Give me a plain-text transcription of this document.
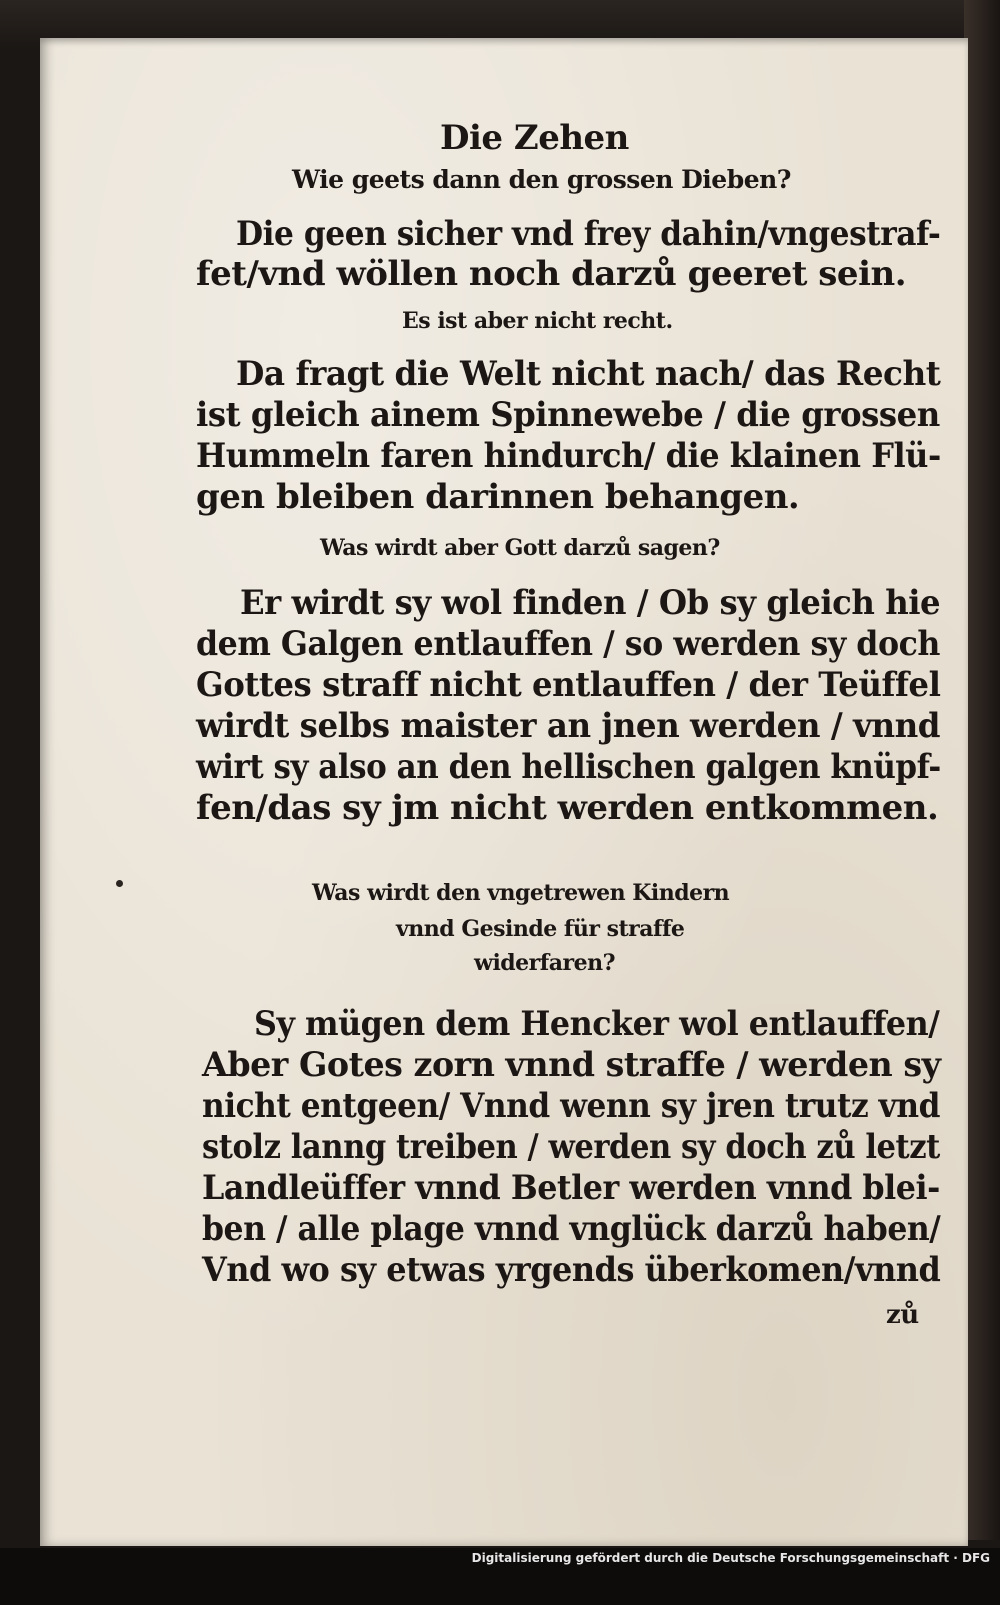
Die Zehen
Wie geets dann den grossen Dieben?
Die geen sicher vnd frey dahin/vngestraf-
fet/vnd wöllen noch darzů geeret sein.
Es ist aber nicht recht.
Da fragt die Welt nicht nach/ das Recht
ist gleich ainem Spinnewebe / die grossen
Hummeln faren hindurch/ die klainen Flü-
gen bleiben darinnen behangen.
Was wirdt aber Gott darzů sagen?
Er wirdt sy wol finden / Ob sy gleich hie
dem Galgen entlauffen / so werden sy doch
Gottes straff nicht entlauffen / der Teüffel
wirdt selbs maister an jnen werden / vnnd
wirt sy also an den hellischen galgen knüpf-
fen/das sy jm nicht werden entkommen.
Was wirdt den vngetrewen Kindern
vnnd Gesinde für straffe
widerfaren?
Sy mügen dem Hencker wol entlauffen/
Aber Gotes zorn vnnd straffe / werden sy
nicht entgeen/ Vnnd wenn sy jren trutz vnd
stolz lanng treiben / werden sy doch zů letzt
Landleüffer vnnd Betler werden vnnd blei-
ben / alle plage vnnd vnglück darzů haben/
Vnd wo sy etwas yrgends überkomen/vnnd
zů
Digitalisierung gefördert durch die Deutsche Forschungsgemeinschaft · DFG
